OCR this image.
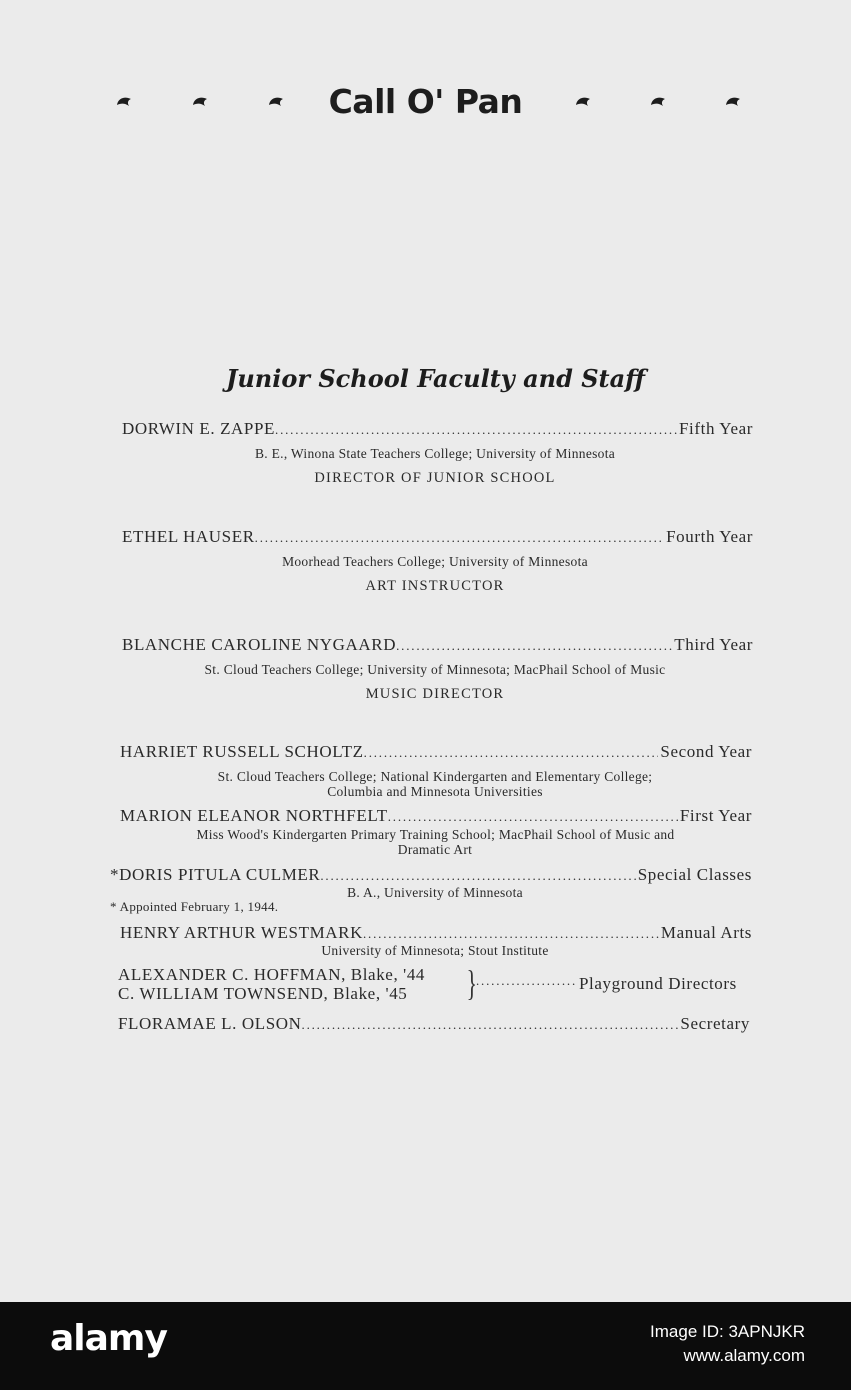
Call O' Pan
Junior School Faculty and Staff
DORWIN E. ZAPPE .....	Fifth Year
B. E., Winona State Teachers College; University of Minnesota
DIRECTOR OF JUNIOR SCHOOL
ETHEL HAUSER .....	Fourth Year
Moorhead Teachers College; University of Minnesota
ART INSTRUCTOR
BLANCHE CAROLINE NYGAARD .....	Third Year
St. Cloud Teachers College; University of Minnesota; MacPhail School of Music
MUSIC DIRECTOR
HARRIET RUSSELL SCHOLTZ .....	Second Year
St. Cloud Teachers College; National Kindergarten and Elementary College;
Columbia and Minnesota Universities
MARION ELEANOR NORTHFELT .....	First Year
Miss Wood's Kindergarten Primary Training School; MacPhail School of Music and
Dramatic Art
*DORIS PITULA CULMER .....	Special Classes
B. A., University of Minnesota
* Appointed February 1, 1944.
HENRY ARTHUR WESTMARK .....	Manual Arts
University of Minnesota; Stout Institute
ALEXANDER C. HOFFMAN, Blake, '44
C. WILLIAM TOWNSEND, Blake, '45 } .....	Playground Directors
FLORAMAE L. OLSON .....	Secretary
alamy	Image ID: 3APNJKR
www.alamy.com
